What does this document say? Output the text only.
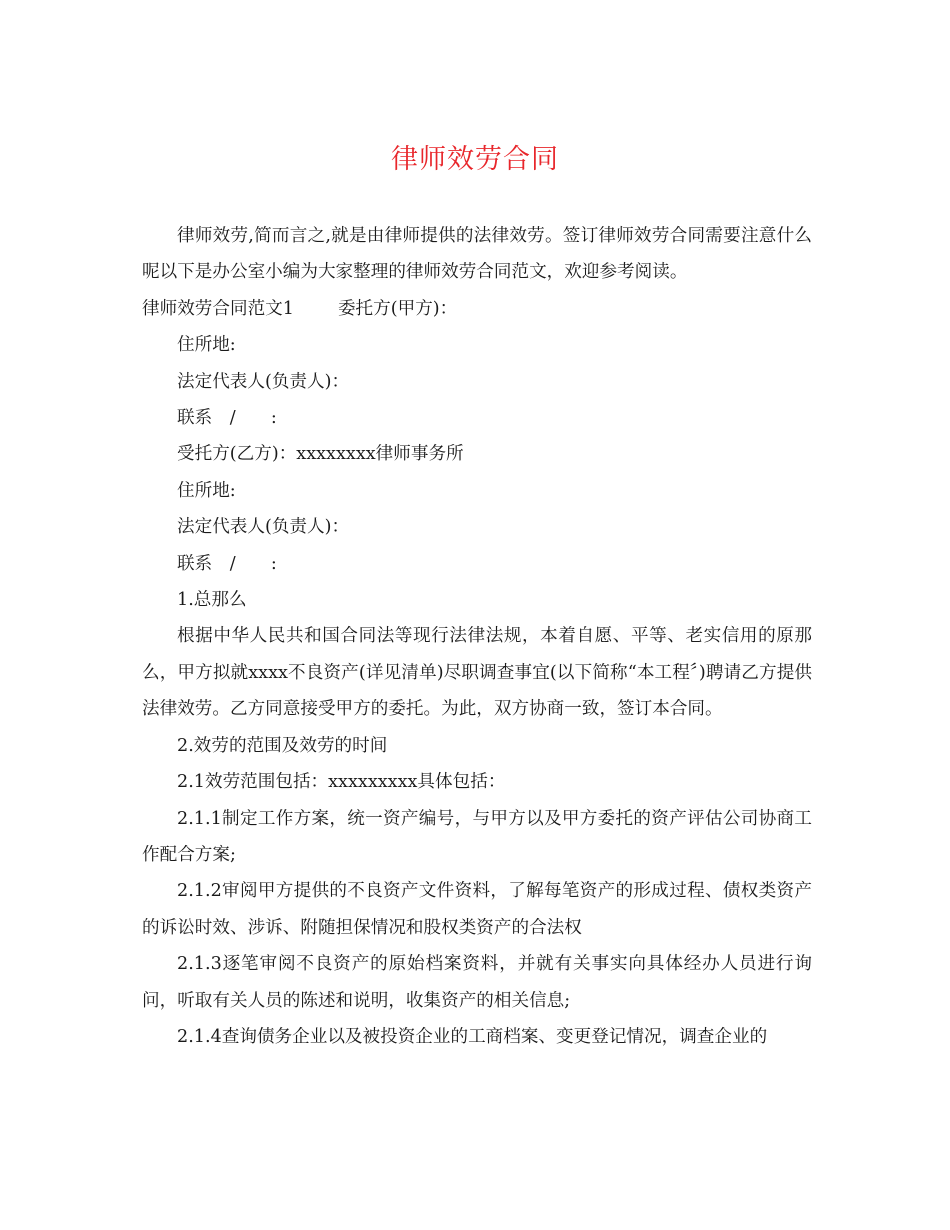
律师效劳合同

律师效劳,简而言之,就是由律师提供的法律效劳。签订律师效劳合同需要注意什么呢以下是办公室小编为大家整理的律师效劳合同范文，欢迎参考阅读。

律师效劳合同范文1	委托方(甲方)：

住所地:

法定代表人(负责人)：

联系　/　　:

受托方(乙方)：xxxxxxxx律师事务所

住所地:

法定代表人(负责人)：

联系　/　　:

1.总那么

根据中华人民共和国合同法等现行法律法规，本着自愿、平等、老实信用的原那么，甲方拟就xxxx不良资产(详见清单)尽职调查事宜(以下简称“本工程〞)聘请乙方提供法律效劳。乙方同意接受甲方的委托。为此，双方协商一致，签订本合同。

2.效劳的范围及效劳的时间

2.1效劳范围包括：xxxxxxxxx具体包括：

2.1.1制定工作方案，统一资产编号，与甲方以及甲方委托的资产评估公司协商工作配合方案;

2.1.2审阅甲方提供的不良资产文件资料，了解每笔资产的形成过程、债权类资产的诉讼时效、涉诉、附随担保情况和股权类资产的合法权

2.1.3逐笔审阅不良资产的原始档案资料，并就有关事实向具体经办人员进行询问，听取有关人员的陈述和说明，收集资产的相关信息;

2.1.4查询债务企业以及被投资企业的工商档案、变更登记情况，调查企业的
